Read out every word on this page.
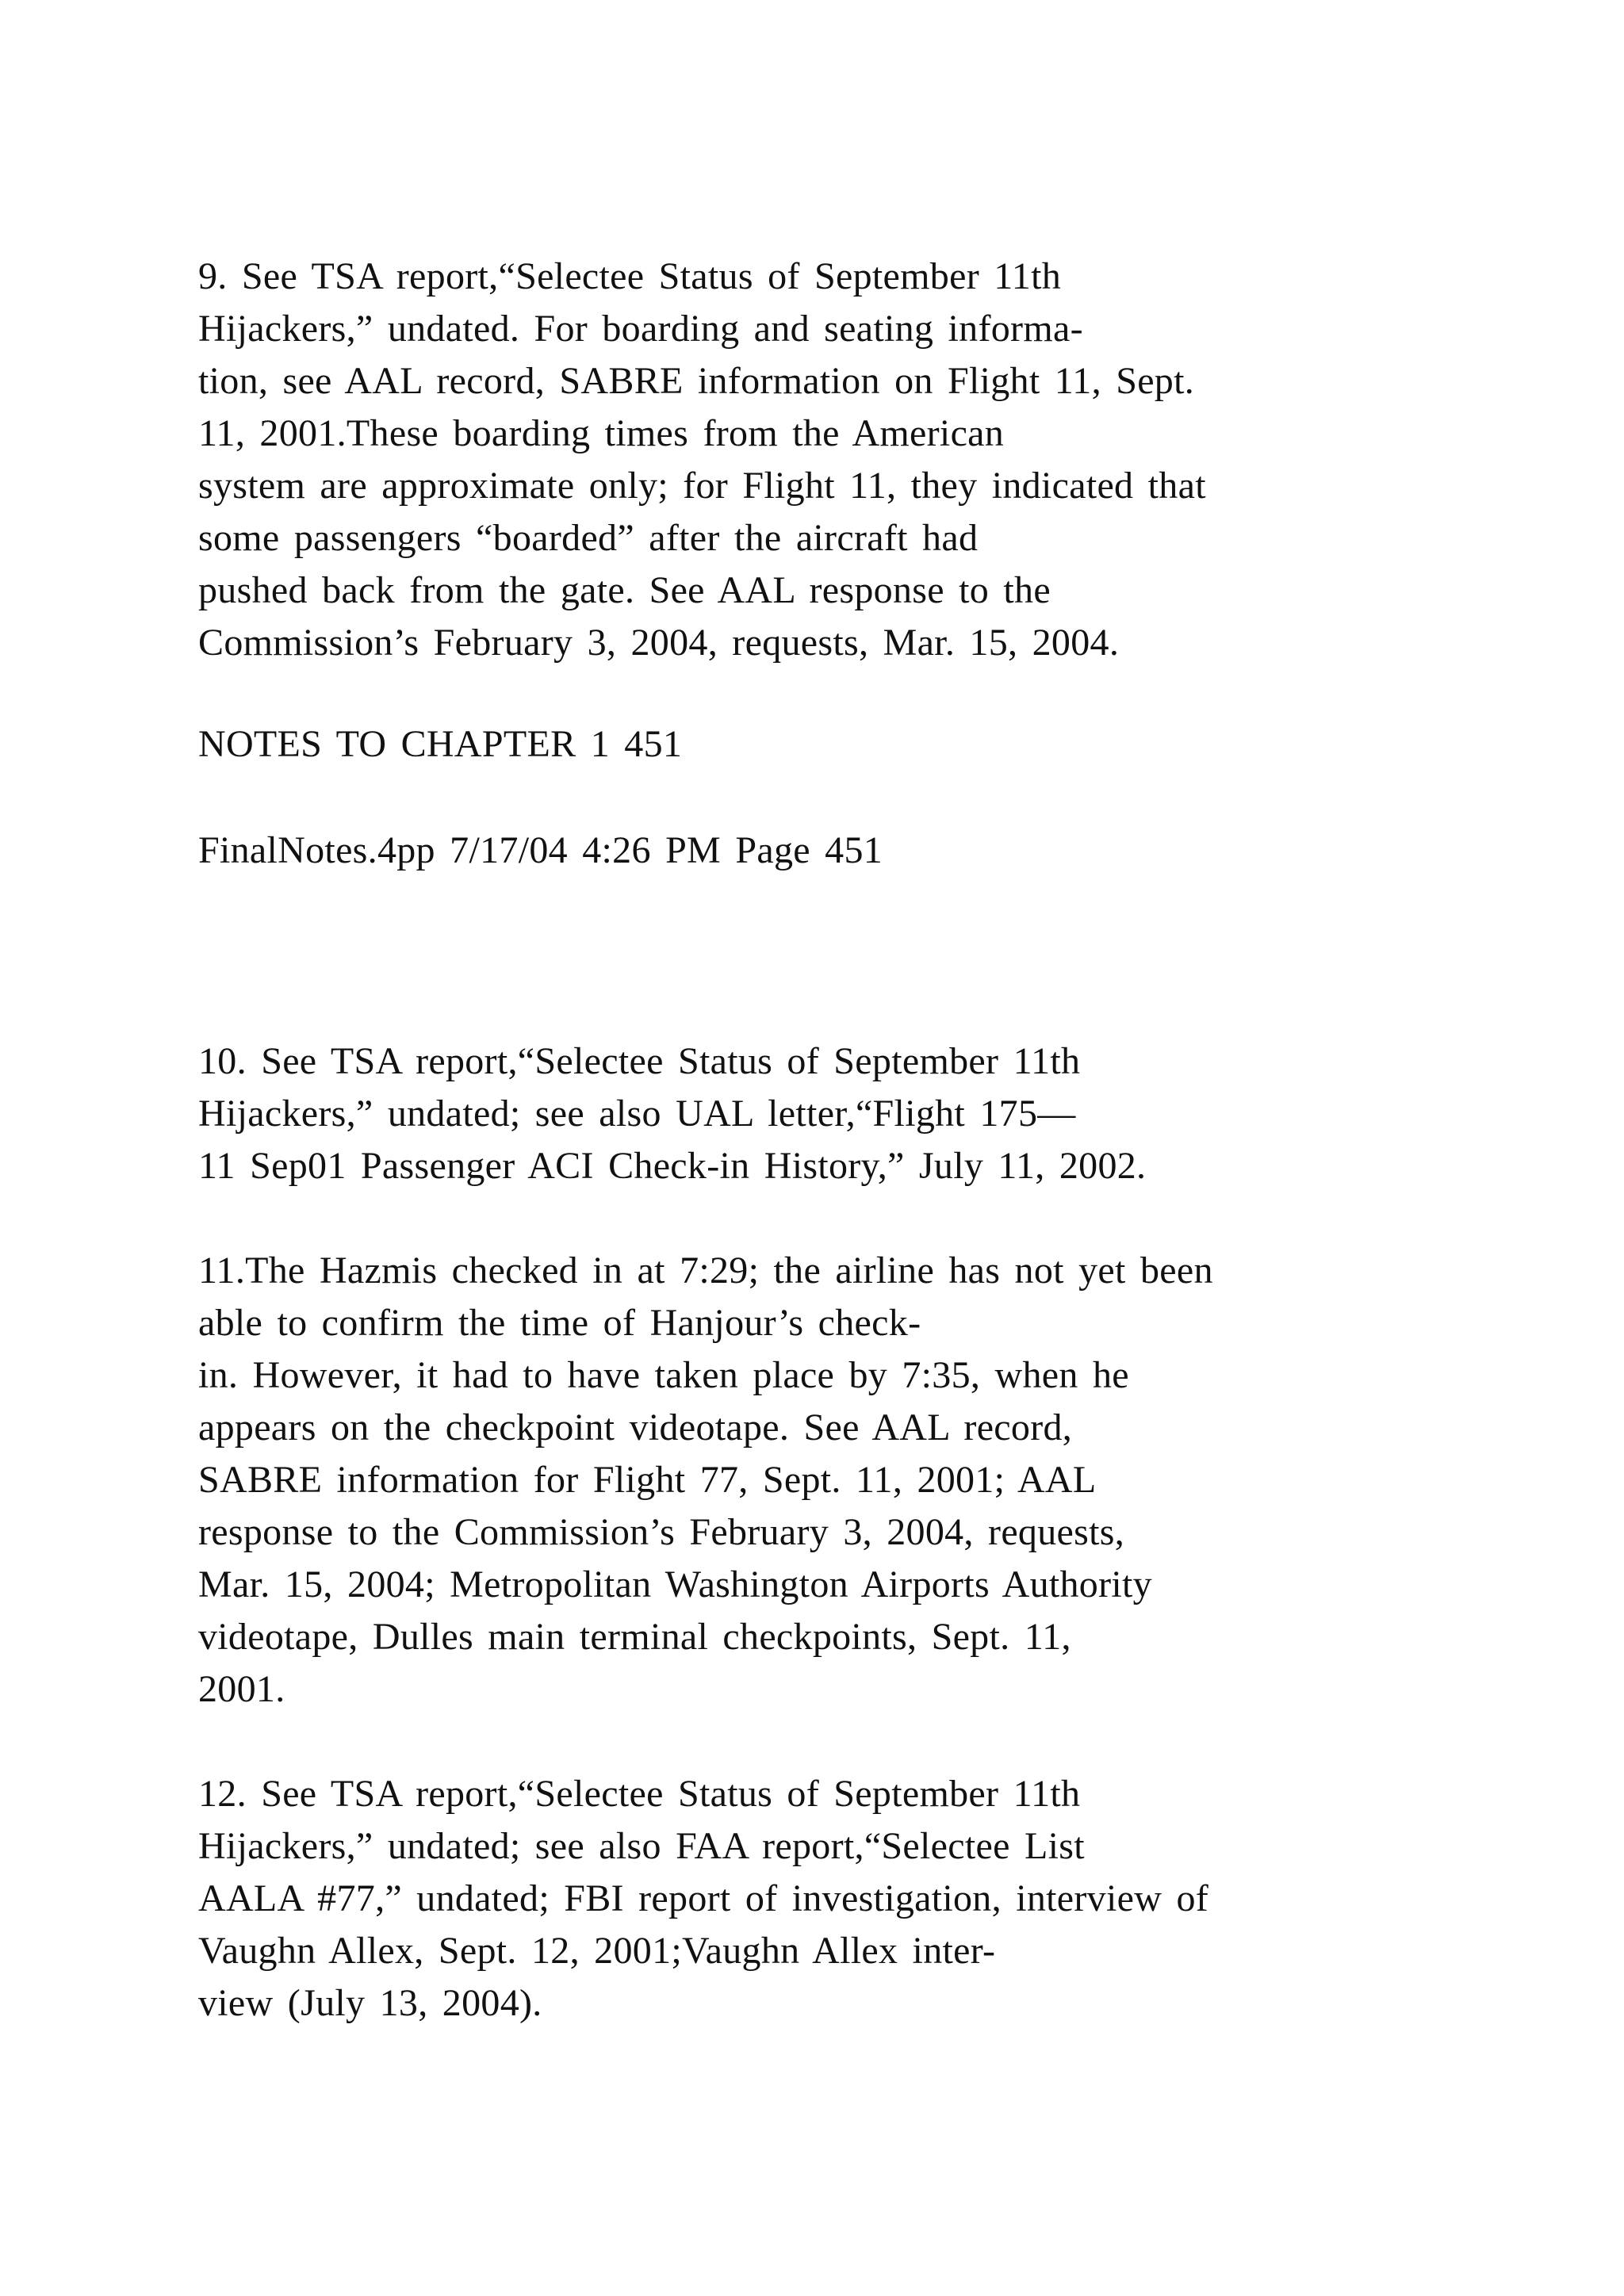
9. See TSA report,“Selectee Status of September 11th

Hijackers,” undated. For boarding and seating informa-

tion, see AAL record, SABRE information on Flight 11, Sept.

11, 2001.These boarding times from the American

system are approximate only; for Flight 11, they indicated that

some passengers “boarded” after the aircraft had

pushed back from the gate. See AAL response to the

Commission’s February 3, 2004, requests, Mar. 15, 2004.

NOTES TO CHAPTER 1 451

FinalNotes.4pp 7/17/04 4:26 PM Page 451

10. See TSA report,“Selectee Status of September 11th

Hijackers,” undated; see also UAL letter,“Flight 175—

11 Sep01 Passenger ACI Check-in History,” July 11, 2002.

11.The Hazmis checked in at 7:29; the airline has not yet been

able to confirm the time of Hanjour’s check-

in. However, it had to have taken place by 7:35, when he

appears on the checkpoint videotape. See AAL record,

SABRE information for Flight 77, Sept. 11, 2001; AAL

response to the Commission’s February 3, 2004, requests,

Mar. 15, 2004; Metropolitan Washington Airports Authority

videotape, Dulles main terminal checkpoints, Sept. 11,

2001.

12. See TSA report,“Selectee Status of September 11th

Hijackers,” undated; see also FAA report,“Selectee List

AALA #77,” undated; FBI report of investigation, interview of

Vaughn Allex, Sept. 12, 2001;Vaughn Allex inter-

view (July 13, 2004).
